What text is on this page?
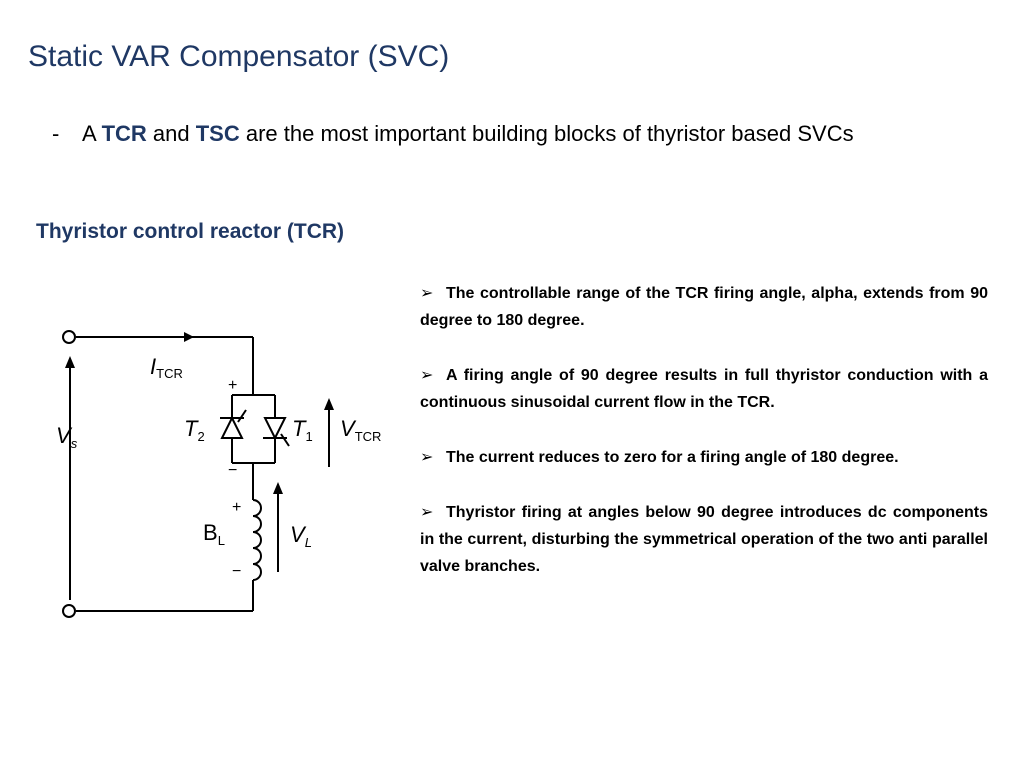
Static VAR Compensator (SVC)
- A TCR and TSC are the most important building blocks of thyristor based SVCs
Thyristor control reactor (TCR)
ITCR
$V_s$
+
−
$T_2$	$T_1$ $V_{TCR}$
+
−
$B_L$	$V_L$
➢ The controllable range of the TCR firing angle, alpha, extends from 90 degree to 180 degree.
➢ A firing angle of 90 degree results in full thyristor conduction with a continuous sinusoidal current flow in the TCR.
➢ The current reduces to zero for a firing angle of 180 degree.
➢ Thyristor firing at angles below 90 degree introduces dc components in the current, disturbing the symmetrical operation of the two anti parallel valve branches.
